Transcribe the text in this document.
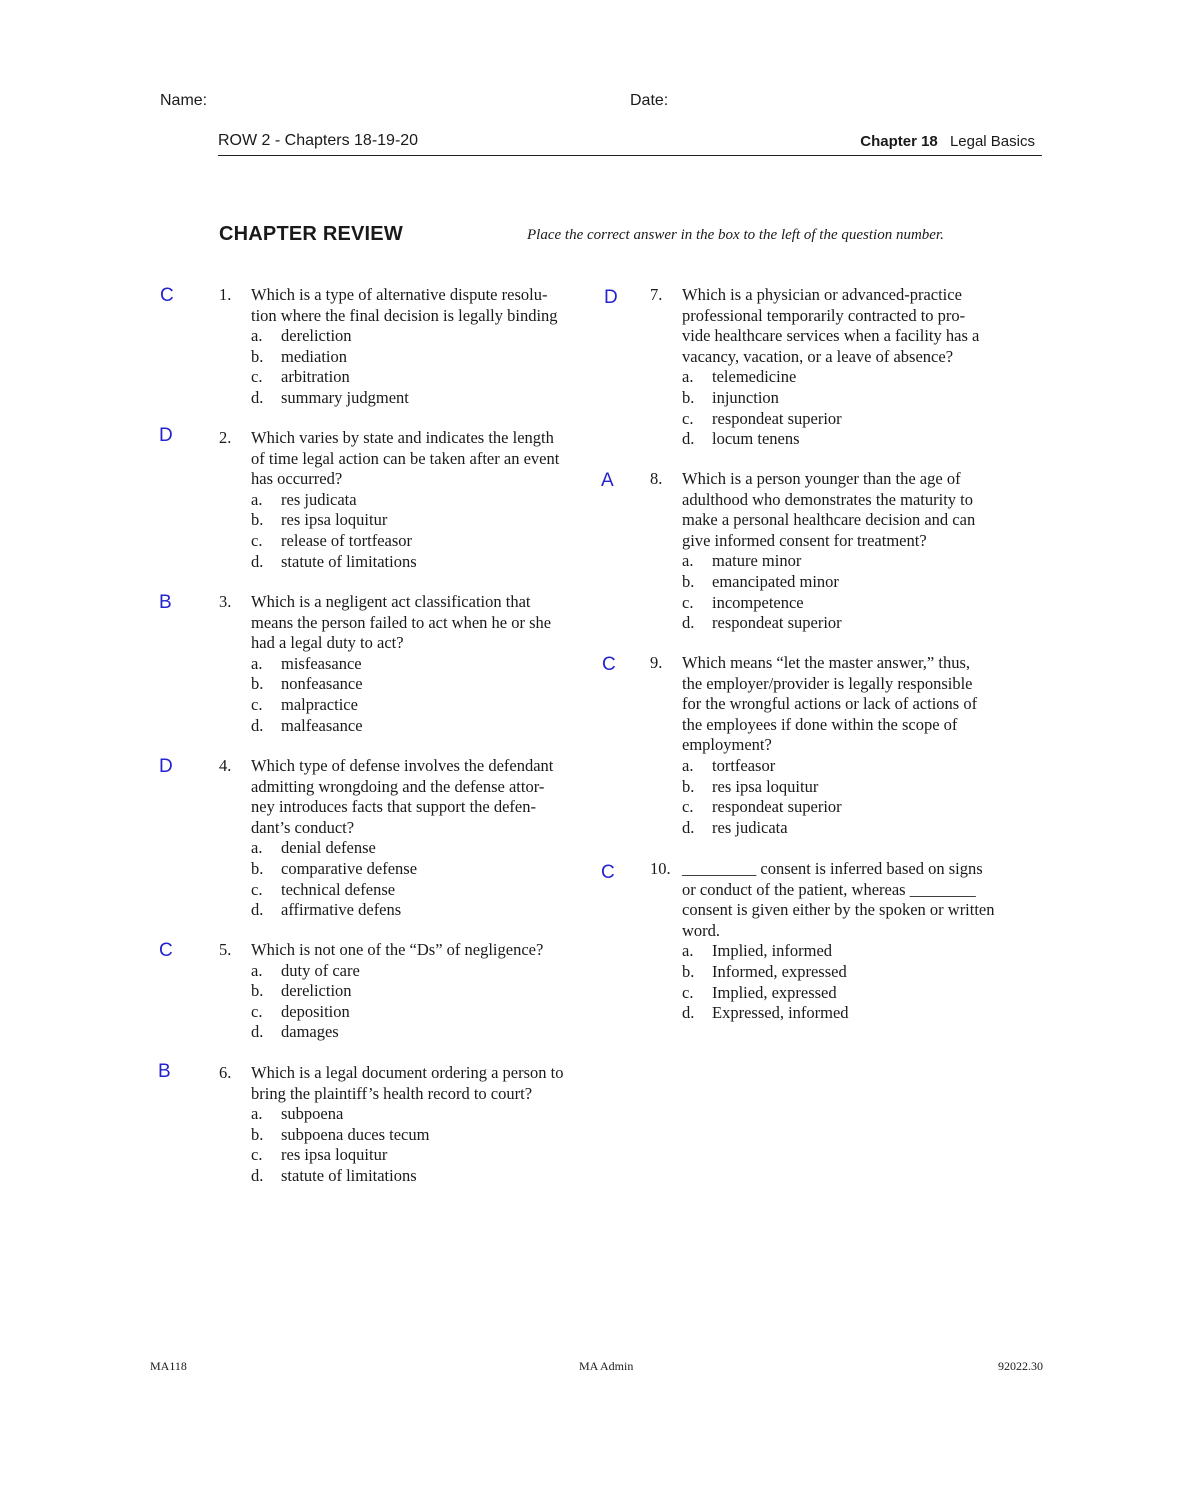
Name:	Date:
ROW 2 - Chapters 18-19-20	Chapter 18 Legal Basics
CHAPTER REVIEW	Place the correct answer in the box to the left of the question number.
C	1. Which is a type of alternative dispute resolu-
tion where the final decision is legally binding
a. dereliction
b. mediation
c. arbitration
d. summary judgment
D	2. Which varies by state and indicates the length
of time legal action can be taken after an event
has occurred?
a. res judicata
b. res ipsa loquitur
c. release of tortfeasor
d. statute of limitations
B	3. Which is a negligent act classification that
means the person failed to act when he or she
had a legal duty to act?
a. misfeasance
b. nonfeasance
c. malpractice
d. malfeasance
D	4. Which type of defense involves the defendant
admitting wrongdoing and the defense attor-
ney introduces facts that support the defen-
dant’s conduct?
a. denial defense
b. comparative defense
c. technical defense
d. affirmative defens
C	5. Which is not one of the “Ds” of negligence?
a. duty of care
b. dereliction
c. deposition
d. damages
B	6. Which is a legal document ordering a person to
bring the plaintiff’s health record to court?
a. subpoena
b. subpoena duces tecum
c. res ipsa loquitur
d. statute of limitations
D 7. Which is a physician or advanced-practice
professional temporarily contracted to pro-
vide healthcare services when a facility has a
vacancy, vacation, or a leave of absence?
a. telemedicine
b. injunction
c. respondeat superior
d. locum tenens
A 8. Which is a person younger than the age of
adulthood who demonstrates the maturity to
make a personal healthcare decision and can
give informed consent for treatment?
a. mature minor
b. emancipated minor
c. incompetence
d. respondeat superior
C 9. Which means “let the master answer,” thus,
the employer/provider is legally responsible
for the wrongful actions or lack of actions of
the employees if done within the scope of
employment?
a. tortfeasor
b. res ipsa loquitur
c. respondeat superior
d. res judicata
C 10. _________ consent is inferred based on signs
or conduct of the patient, whereas ________
consent is given either by the spoken or written
word.
a. Implied, informed
b. Informed, expressed
c. Implied, expressed
d. Expressed, informed
MA118	MA Admin	92022.30
